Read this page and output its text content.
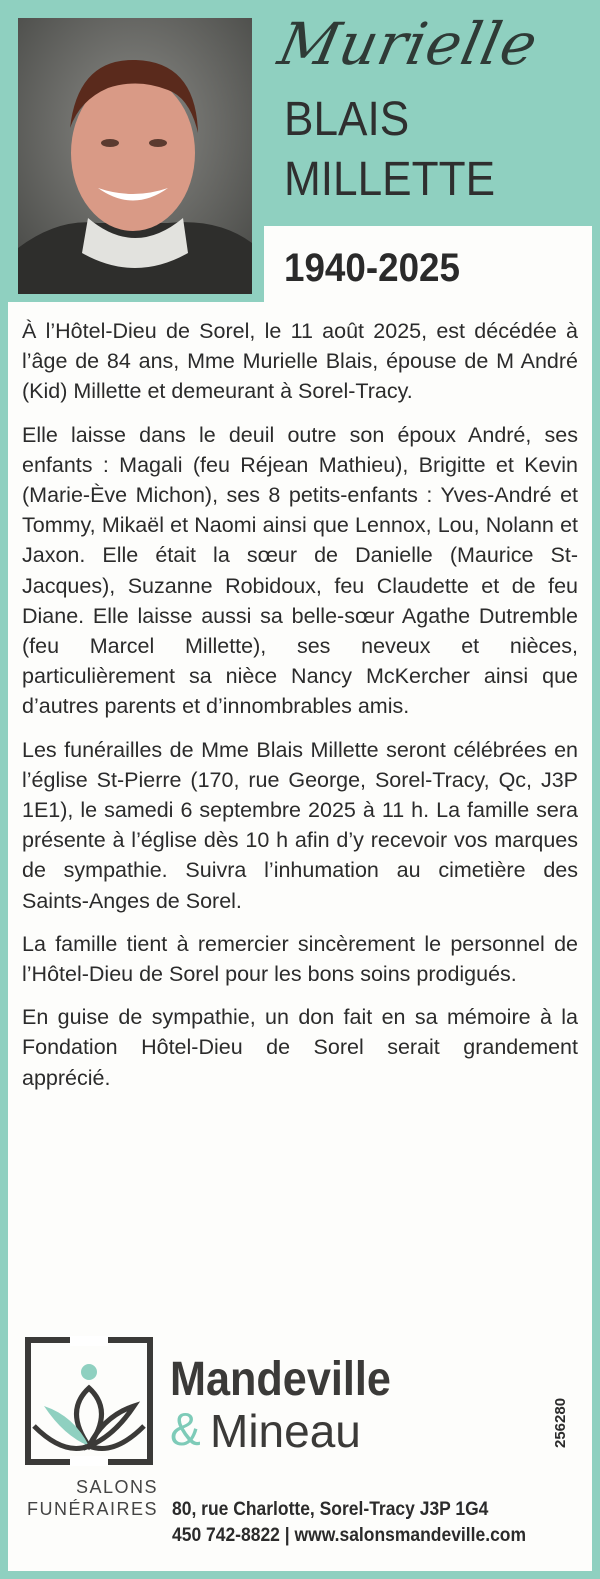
Murielle
BLAIS
MILLETTE
1940-2025

À l’Hôtel-Dieu de Sorel, le 11 août 2025, est décédée à l’âge de 84 ans, Mme Murielle Blais, épouse de M André (Kid) Millette et demeurant à Sorel-Tracy.

Elle laisse dans le deuil outre son époux André, ses enfants : Magali (feu Réjean Mathieu), Brigitte et Kevin (Marie-Ève Michon), ses 8 petits-enfants : Yves-André et Tommy, Mikaël et Naomi ainsi que Lennox, Lou, Nolann et Jaxon. Elle était la sœur de Danielle (Maurice St-Jacques), Suzanne Robidoux, feu Claudette et de feu Diane. Elle laisse aussi sa belle-sœur Agathe Dutremble (feu Marcel Millette), ses neveux et nièces, particulièrement sa nièce Nancy McKercher ainsi que d’autres parents et d’innombrables amis.

Les funérailles de Mme Blais Millette seront célébrées en l’église St-Pierre (170, rue George, Sorel-Tracy, Qc, J3P 1E1), le samedi 6 septembre 2025 à 11 h. La famille sera présente à l’église dès 10 h afin d’y recevoir vos marques de sympathie. Suivra l’inhumation au cimetière des Saints-Anges de Sorel.

La famille tient à remercier sincèrement le personnel de l’Hôtel-Dieu de Sorel pour les bons soins prodigués.

En guise de sympathie, un don fait en sa mémoire à la Fondation Hôtel-Dieu de Sorel serait grandement apprécié.

Mandeville
& Mineau
SALONS
FUNÉRAIRES 80, rue Charlotte, Sorel-Tracy J3P 1G4
450 742-8822 | www.salonsmandeville.com
256280
